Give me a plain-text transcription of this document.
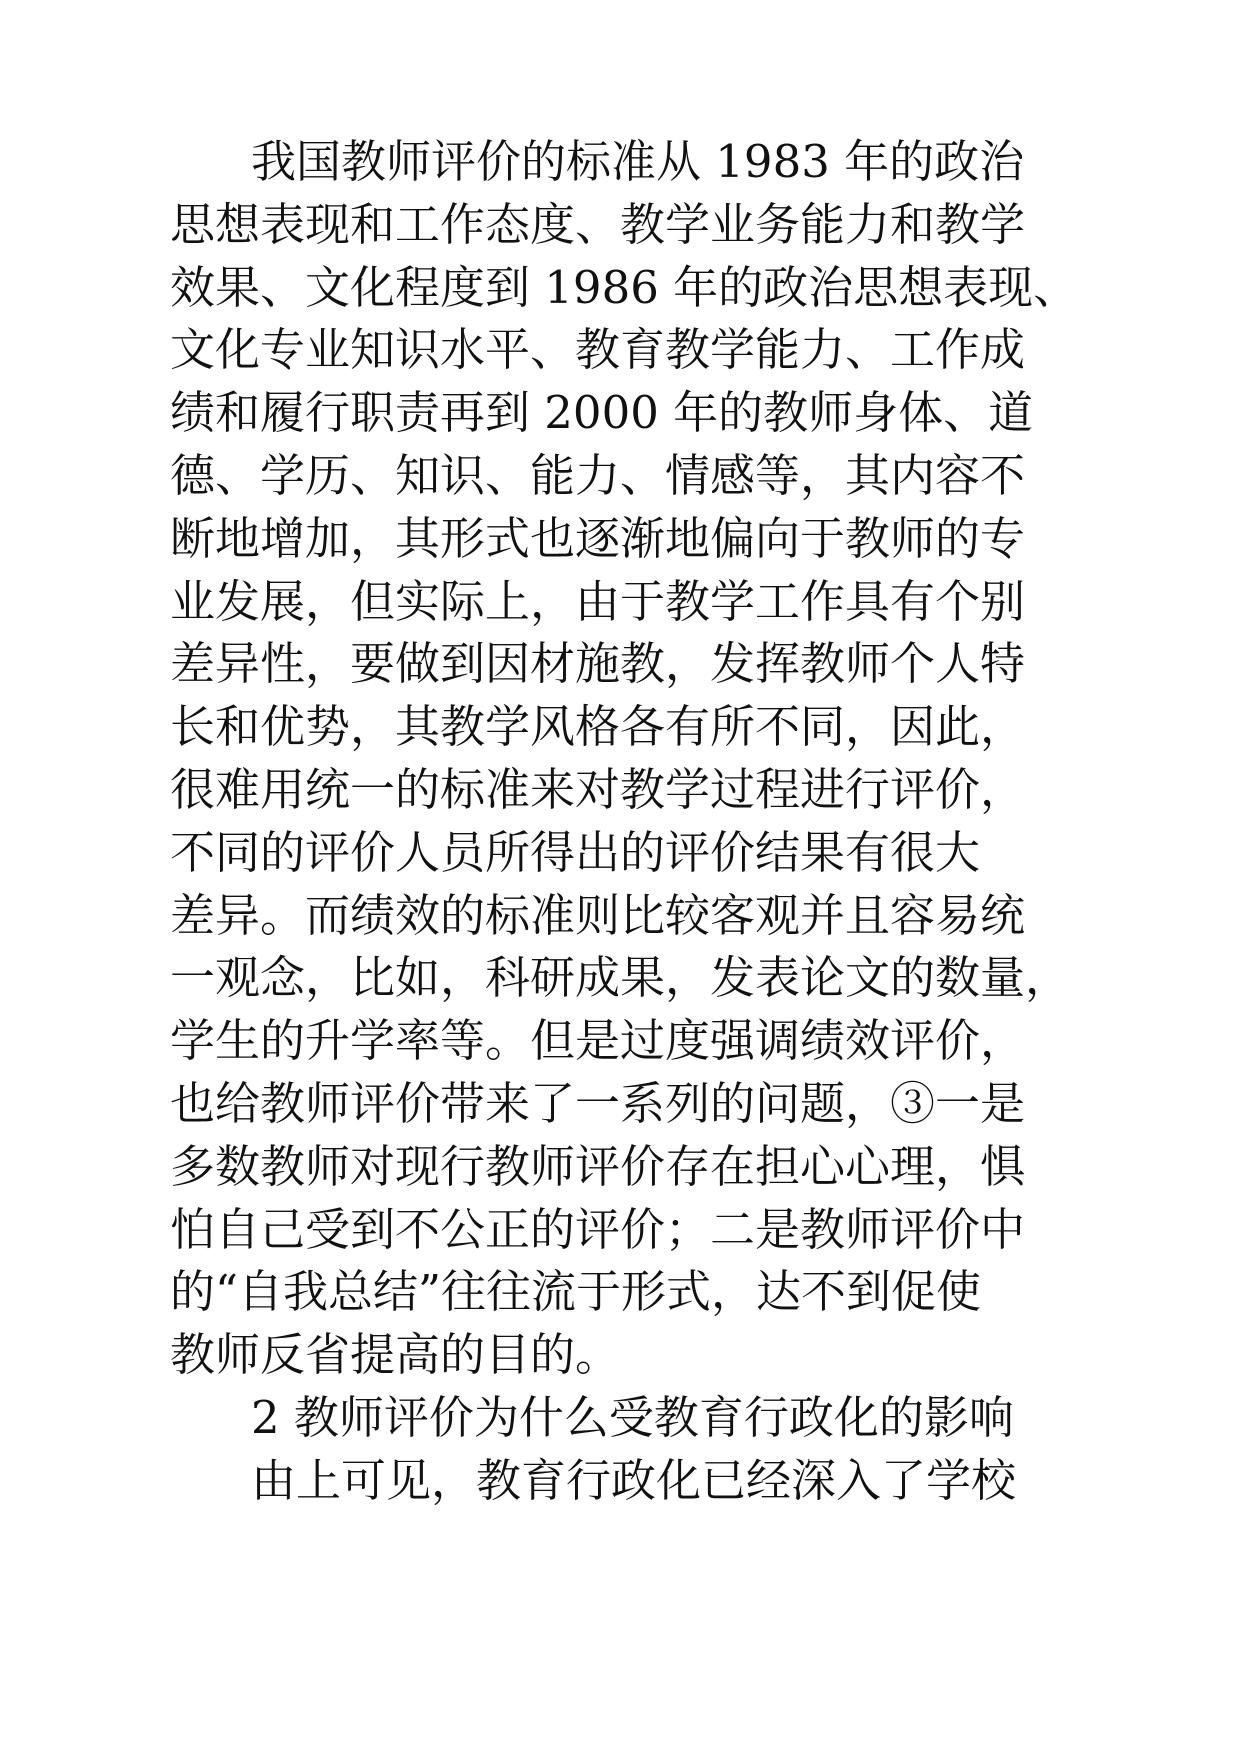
我国教师评价的标准从 1983 年的政治
思想表现和工作态度、教学业务能力和教学
效果、文化程度到 1986 年的政治思想表现、
文化专业知识水平、教育教学能力、工作成
绩和履行职责再到 2000 年的教师身体、道
德、学历、知识、能力、情感等，其内容不
断地增加，其形式也逐渐地偏向于教师的专
业发展，但实际上，由于教学工作具有个别
差异性，要做到因材施教，发挥教师个人特
长和优势，其教学风格各有所不同，因此，
很难用统一的标准来对教学过程进行评价，
不同的评价人员所得出的评价结果有很大
差异。而绩效的标准则比较客观并且容易统
一观念，比如，科研成果，发表论文的数量，
学生的升学率等。但是过度强调绩效评价，
也给教师评价带来了一系列的问题，③一是
多数教师对现行教师评价存在担心心理，惧
怕自己受到不公正的评价；二是教师评价中
的“自我总结”往往流于形式，达不到促使
教师反省提高的目的。
2 教师评价为什么受教育行政化的影响
由上可见，教育行政化已经深入了学校
